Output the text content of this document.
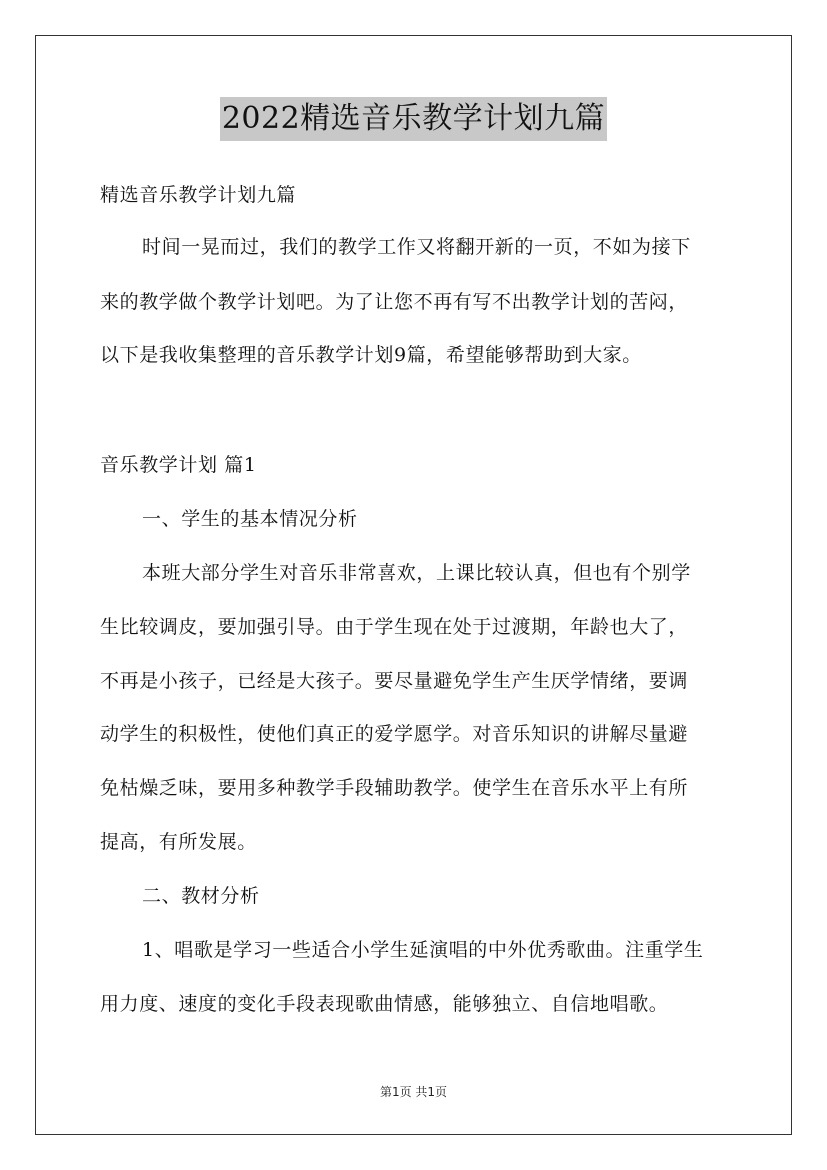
2022精选音乐教学计划九篇
精选音乐教学计划九篇
时间一晃而过，我们的教学工作又将翻开新的一页，不如为接下
来的教学做个教学计划吧。为了让您不再有写不出教学计划的苦闷，
以下是我收集整理的音乐教学计划9篇，希望能够帮助到大家。
音乐教学计划 篇1
一、学生的基本情况分析
本班大部分学生对音乐非常喜欢，上课比较认真，但也有个别学
生比较调皮，要加强引导。由于学生现在处于过渡期，年龄也大了，
不再是小孩子，已经是大孩子。要尽量避免学生产生厌学情绪，要调
动学生的积极性，使他们真正的爱学愿学。对音乐知识的讲解尽量避
免枯燥乏味，要用多种教学手段辅助教学。使学生在音乐水平上有所
提高，有所发展。
二、教材分析
1、唱歌是学习一些适合小学生延演唱的中外优秀歌曲。注重学生
用力度、速度的变化手段表现歌曲情感，能够独立、自信地唱歌。
第1页 共1页
